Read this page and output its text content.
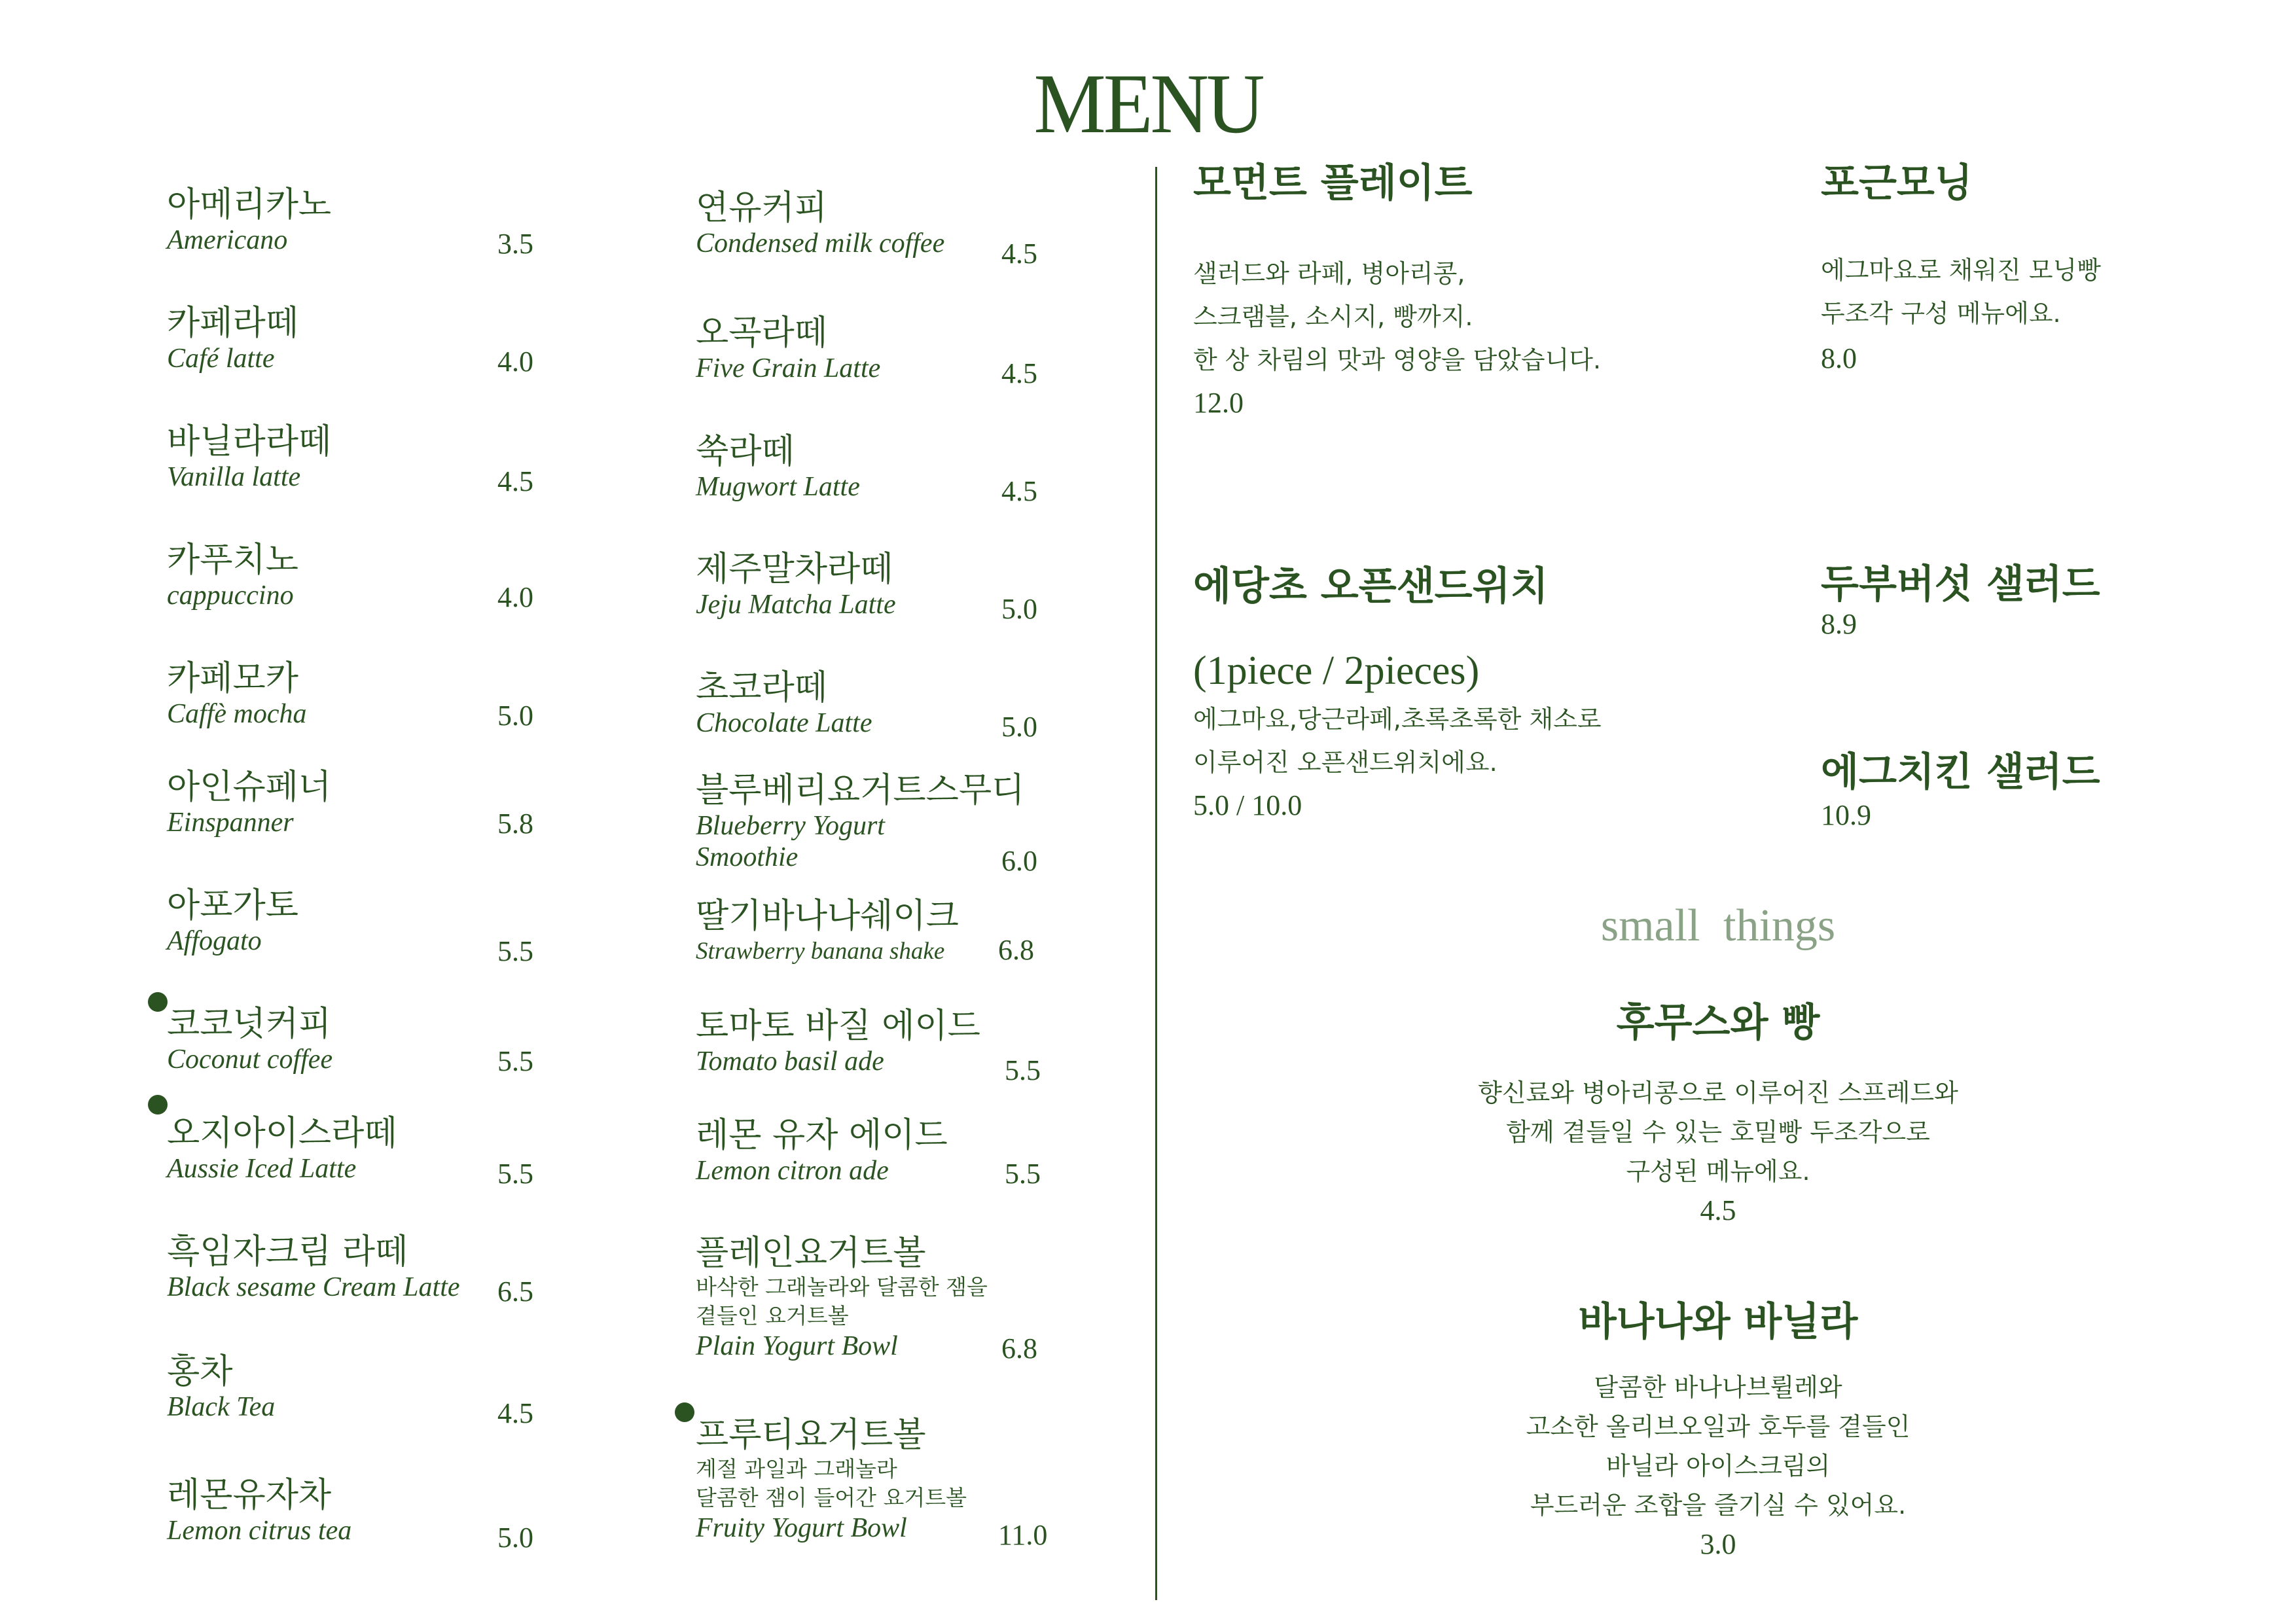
MENU
아메리카노
Americano	3.5
카페라떼
Café latte	4.0
바닐라라떼
Vanilla latte	4.5
카푸치노
cappuccino	4.0
카페모카
Caffè mocha	5.0
아인슈페너
Einspanner	5.8
아포가토
Affogato	5.5
코코넛커피
Coconut coffee	5.5
오지아이스라떼
Aussie Iced Latte	5.5
흑임자크림 라떼
Black sesame Cream Latte	6.5
홍차
Black Tea	4.5
레몬유자차
Lemon citrus tea	5.0
연유커피
Condensed milk coffee	4.5
오곡라떼
Five Grain Latte	4.5
쑥라떼
Mugwort Latte	4.5
제주말차라떼
Jeju Matcha Latte	5.0
초코라떼
Chocolate Latte	5.0
블루베리요거트스무디
Blueberry Yogurt
Smoothie	6.0
딸기바나나쉐이크
Strawberry banana shake	6.8
토마토 바질 에이드
Tomato basil ade	5.5
레몬 유자 에이드
Lemon citron ade	5.5
플레인요거트볼
바삭한 그래놀라와 달콤한 잼을
곁들인 요거트볼
Plain Yogurt Bowl	6.8
프루티요거트볼
계절 과일과 그래놀라
달콤한 잼이 들어간 요거트볼
Fruity Yogurt Bowl	11.0
모먼트 플레이트
샐러드와 라페, 병아리콩,
스크램블, 소시지, 빵까지.
한 상 차림의 맛과 영양을 담았습니다.
12.0
포근모닝
에그마요로 채워진 모닝빵
두조각 구성 메뉴에요.
8.0
에당초 오픈샌드위치
(1piece / 2pieces)
에그마요,당근라페,초록초록한 채소로
이루어진 오픈샌드위치에요.
5.0 / 10.0
두부버섯 샐러드
8.9
에그치킨 샐러드
10.9
small things
후무스와 빵
향신료와 병아리콩으로 이루어진 스프레드와
함께 곁들일 수 있는 호밀빵 두조각으로
구성된 메뉴에요.
4.5
바나나와 바닐라
달콤한 바나나브륄레와
고소한 올리브오일과 호두를 곁들인
바닐라 아이스크림의
부드러운 조합을 즐기실 수 있어요.
3.0
